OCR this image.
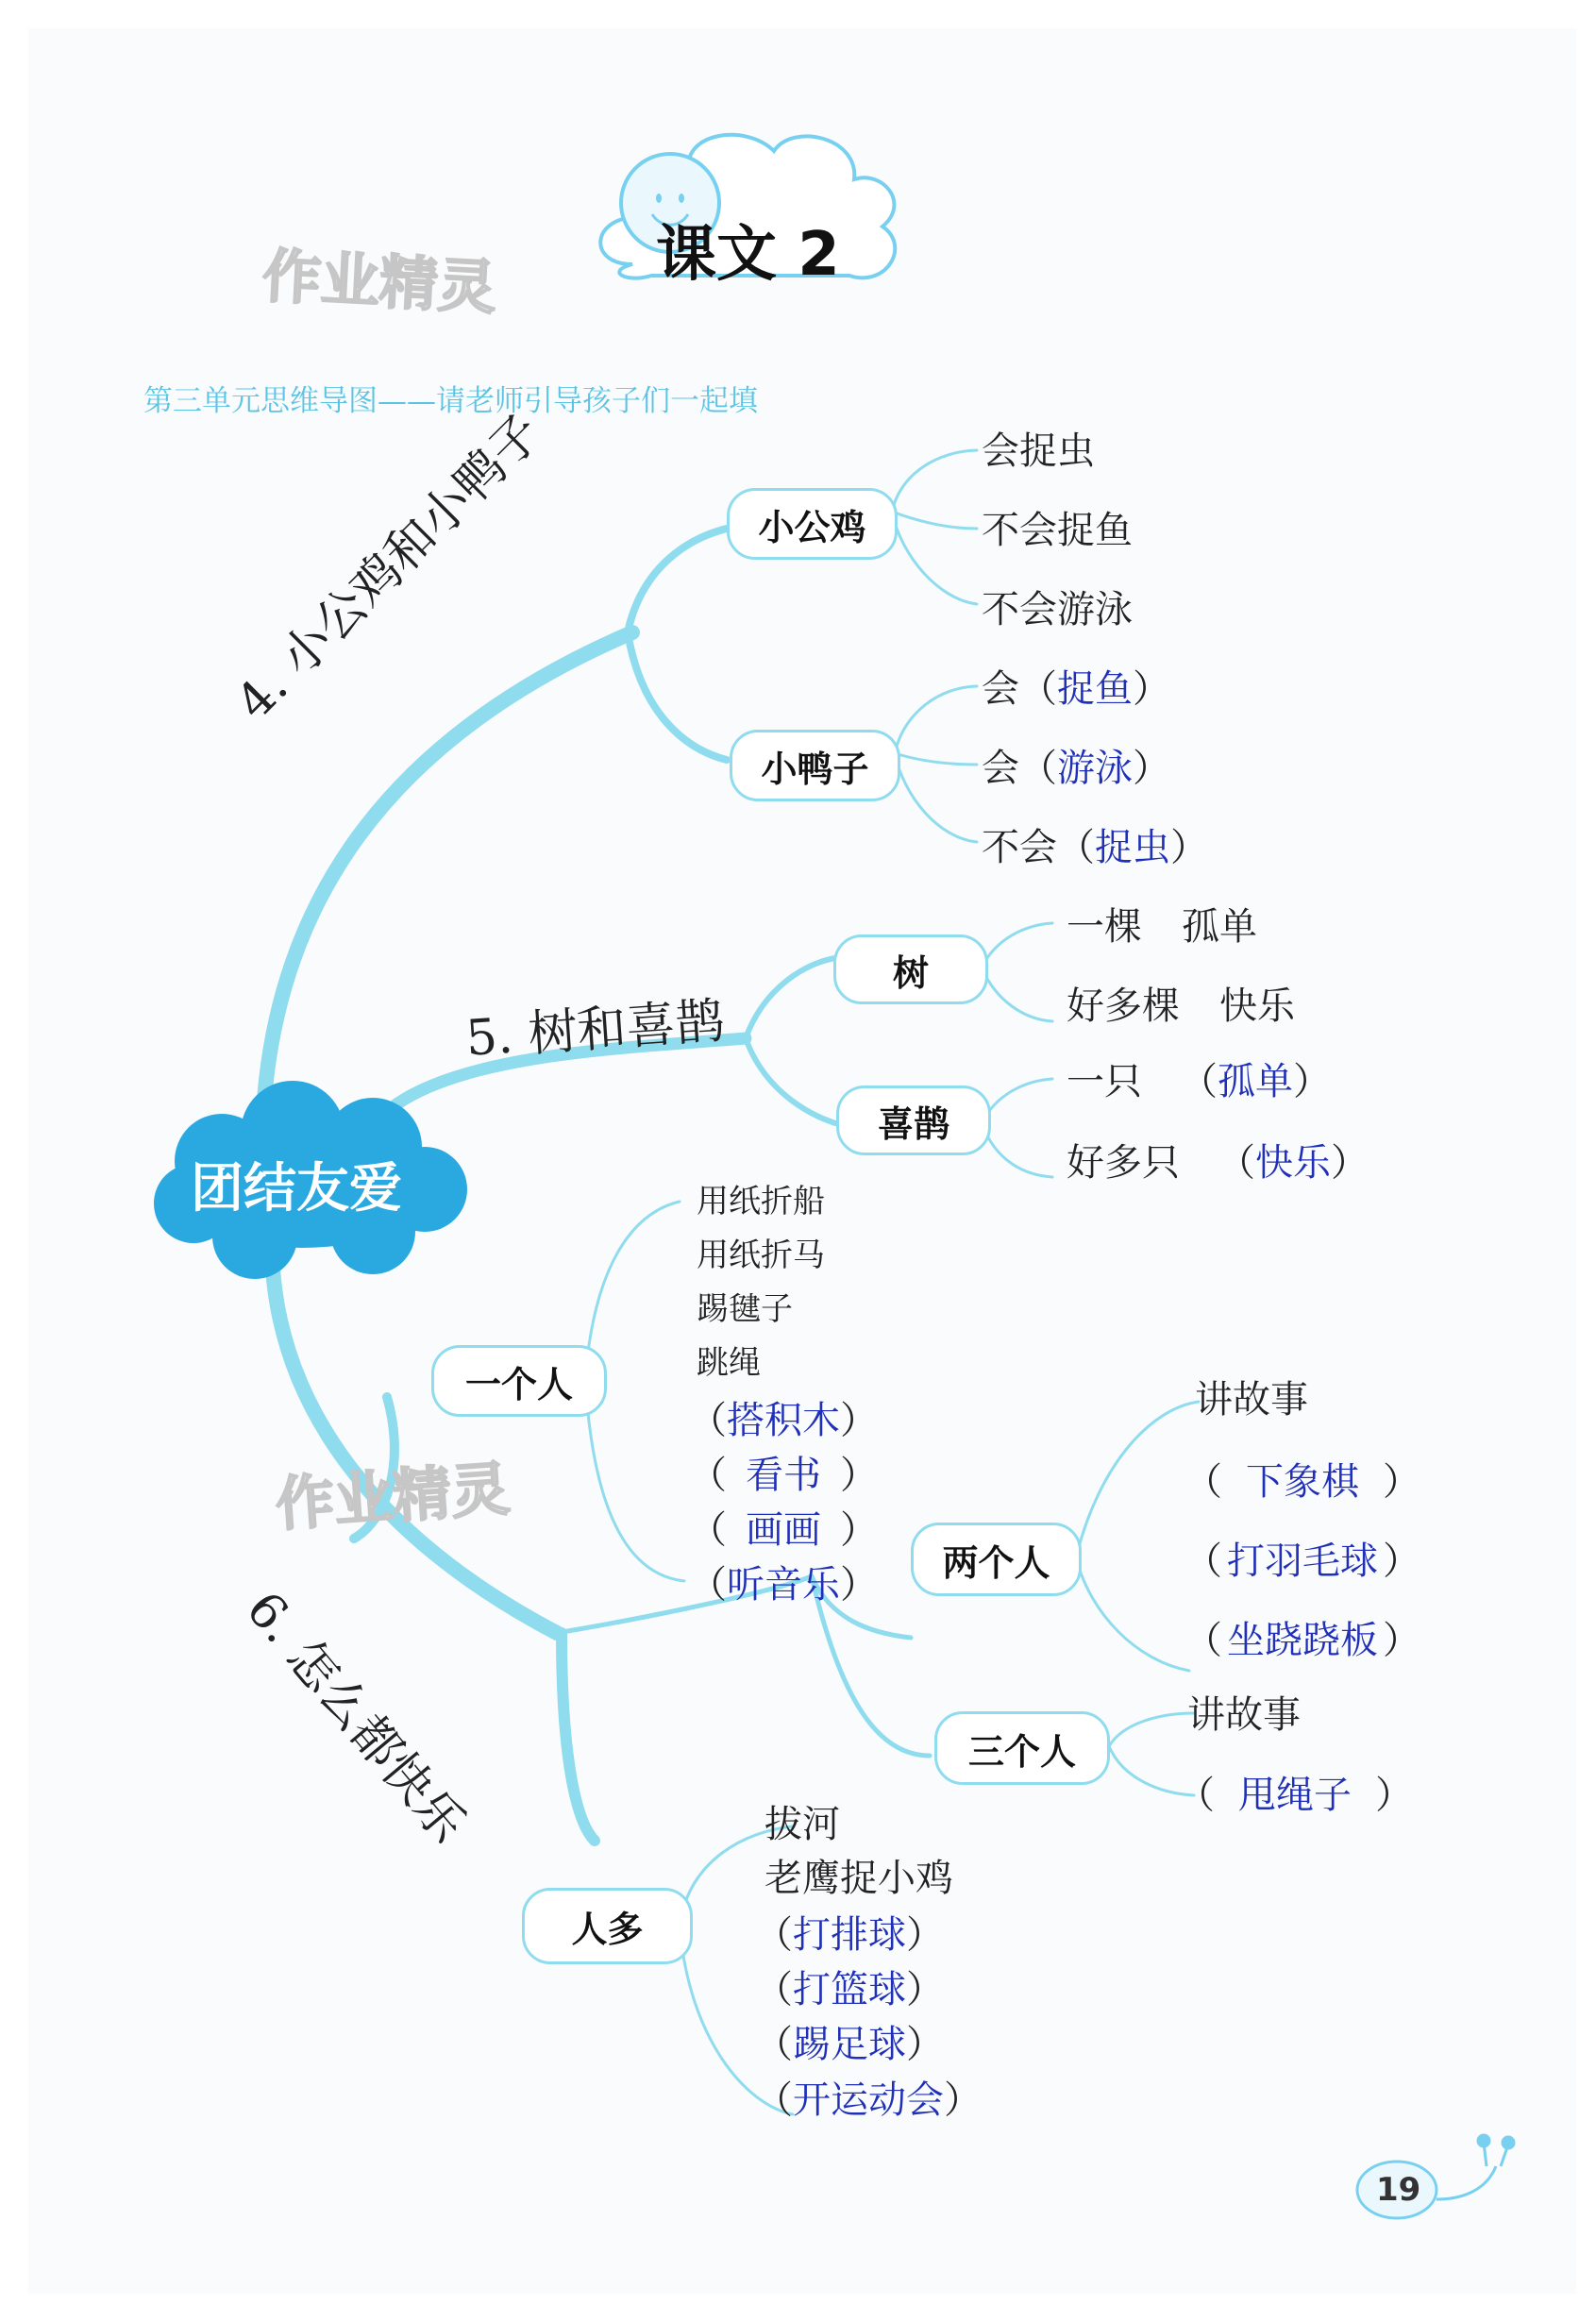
课文 2
作业精灵
作业精灵
第三单元思维导图——请老师引导孩子们一起填
团结友爱
4. 小公鸡和小鸭子
5. 树和喜鹊
6. 怎么都快乐
小公鸡
会捉虫
不会捉鱼
不会游泳
小鸭子
会（捉鱼）
会（游泳）
不会（捉虫）
树
一棵 孤单
好多棵 快乐
喜鹊
一只 （孤单）
好多只 （快乐）
一个人
用纸折船
用纸折马
踢毽子
跳绳
（搭积木）
（ 看书 ）
（ 画画 ）
（听音乐）
两个人
讲故事
（ 下象棋 ）
（ 打羽毛球 ）
（ 坐跷跷板 ）
三个人
讲故事
（ 甩绳子 ）
人多
拔河
老鹰捉小鸡
（打排球）
（打篮球）
（踢足球）
（开运动会）
19
